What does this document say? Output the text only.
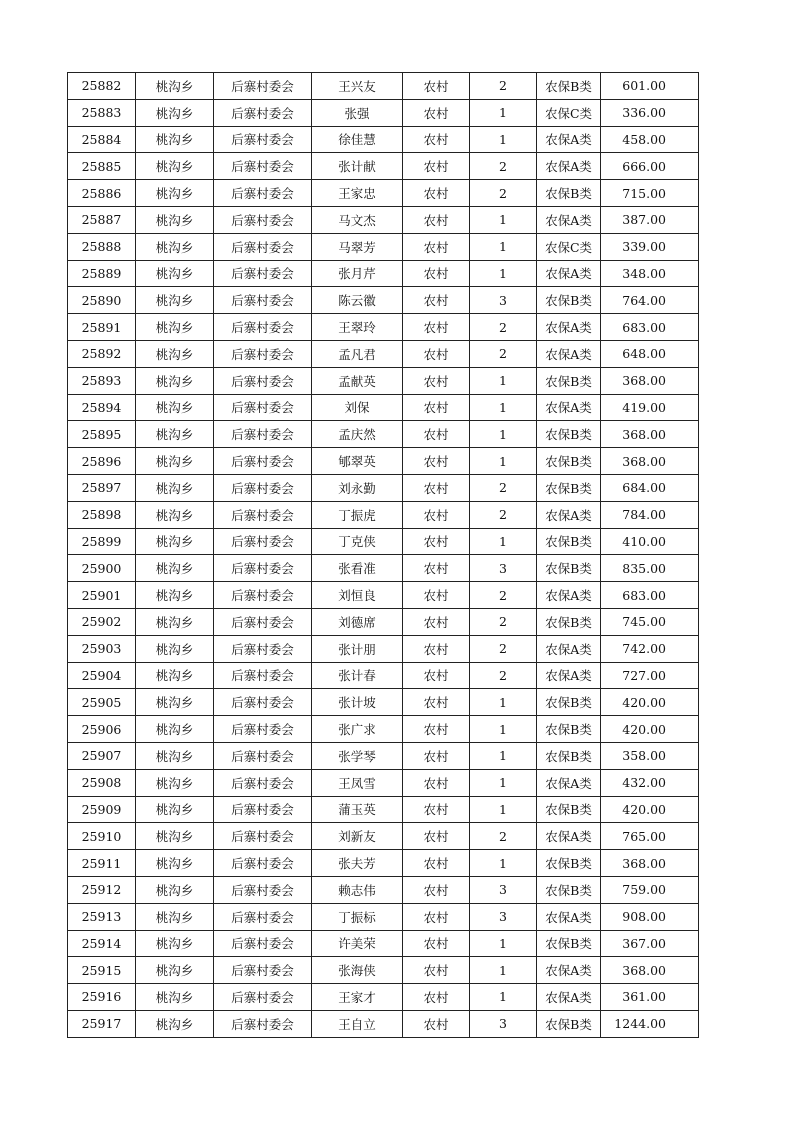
25882	桃沟乡	后寨村委会	王兴友	农村	2	农保B类	601.00
25883	桃沟乡	后寨村委会	张强	农村	1	农保C类	336.00
25884	桃沟乡	后寨村委会	徐佳慧	农村	1	农保A类	458.00
25885	桃沟乡	后寨村委会	张计献	农村	2	农保A类	666.00
25886	桃沟乡	后寨村委会	王家忠	农村	2	农保B类	715.00
25887	桃沟乡	后寨村委会	马文杰	农村	1	农保A类	387.00
25888	桃沟乡	后寨村委会	马翠芳	农村	1	农保C类	339.00
25889	桃沟乡	后寨村委会	张月芹	农村	1	农保A类	348.00
25890	桃沟乡	后寨村委会	陈云徽	农村	3	农保B类	764.00
25891	桃沟乡	后寨村委会	王翠玲	农村	2	农保A类	683.00
25892	桃沟乡	后寨村委会	孟凡君	农村	2	农保A类	648.00
25893	桃沟乡	后寨村委会	孟献英	农村	1	农保B类	368.00
25894	桃沟乡	后寨村委会	刘保	农村	1	农保A类	419.00
25895	桃沟乡	后寨村委会	孟庆然	农村	1	农保B类	368.00
25896	桃沟乡	后寨村委会	郇翠英	农村	1	农保B类	368.00
25897	桃沟乡	后寨村委会	刘永勤	农村	2	农保B类	684.00
25898	桃沟乡	后寨村委会	丁振虎	农村	2	农保A类	784.00
25899	桃沟乡	后寨村委会	丁克侠	农村	1	农保B类	410.00
25900	桃沟乡	后寨村委会	张看准	农村	3	农保B类	835.00
25901	桃沟乡	后寨村委会	刘恒良	农村	2	农保A类	683.00
25902	桃沟乡	后寨村委会	刘德席	农村	2	农保B类	745.00
25903	桃沟乡	后寨村委会	张计朋	农村	2	农保A类	742.00
25904	桃沟乡	后寨村委会	张计春	农村	2	农保A类	727.00
25905	桃沟乡	后寨村委会	张计坡	农村	1	农保B类	420.00
25906	桃沟乡	后寨村委会	张广求	农村	1	农保B类	420.00
25907	桃沟乡	后寨村委会	张学琴	农村	1	农保B类	358.00
25908	桃沟乡	后寨村委会	王凤雪	农村	1	农保A类	432.00
25909	桃沟乡	后寨村委会	蒲玉英	农村	1	农保B类	420.00
25910	桃沟乡	后寨村委会	刘新友	农村	2	农保A类	765.00
25911	桃沟乡	后寨村委会	张夫芳	农村	1	农保B类	368.00
25912	桃沟乡	后寨村委会	赖志伟	农村	3	农保B类	759.00
25913	桃沟乡	后寨村委会	丁振标	农村	3	农保A类	908.00
25914	桃沟乡	后寨村委会	许美荣	农村	1	农保B类	367.00
25915	桃沟乡	后寨村委会	张海侠	农村	1	农保A类	368.00
25916	桃沟乡	后寨村委会	王家才	农村	1	农保A类	361.00
25917	桃沟乡	后寨村委会	王自立	农村	3	农保B类	1244.00
